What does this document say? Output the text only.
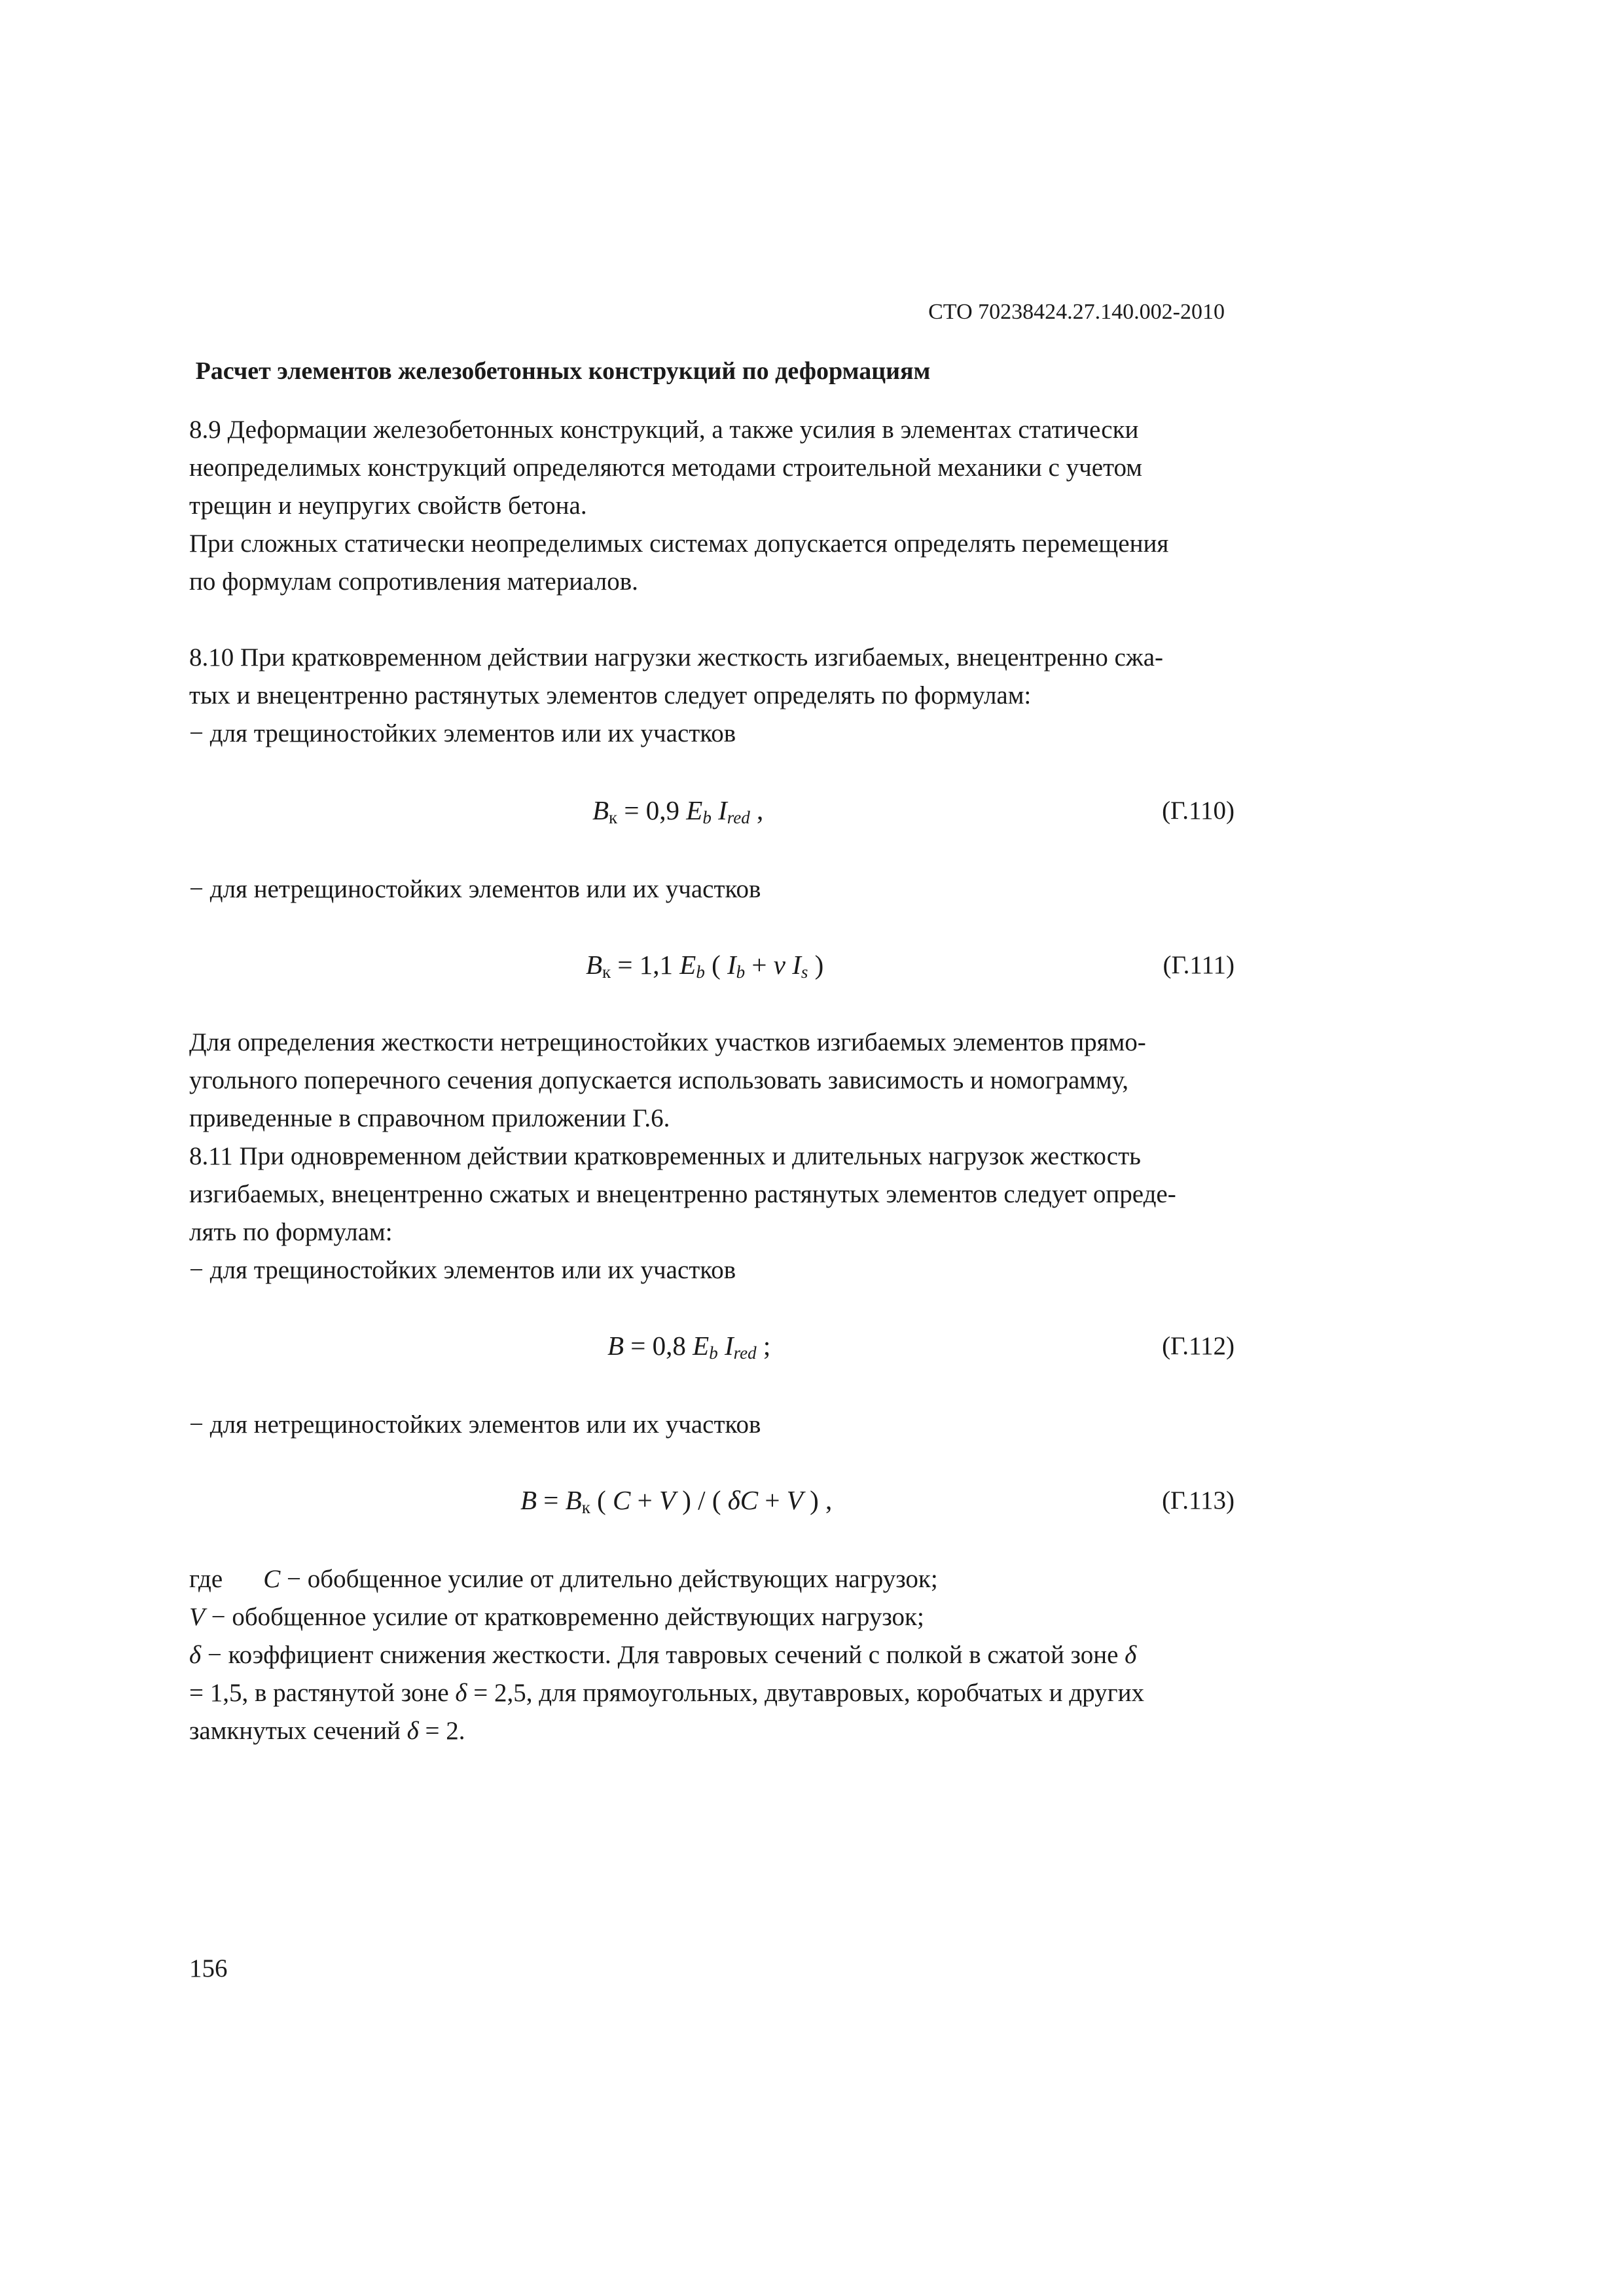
СТО 70238424.27.140.002-2010
Расчет элементов железобетонных конструкций по деформациям
8.9 Деформации железобетонных конструкций, а также усилия в элементах статически
неопределимых конструкций определяются методами строительной механики с учетом
трещин и неупругих свойств бетона.
При сложных статически неопределимых системах допускается определять перемещения
по формулам сопротивления материалов.
8.10 При кратковременном действии нагрузки жесткость изгибаемых, внецентренно сжа-
тых и внецентренно растянутых элементов следует определять по формулам:
− для трещиностойких элементов или их участков
$B_к = 0,9$ $E_b$ $I_{red}$ ,	(Г.110)
− для нетрещиностойких элементов или их участков
$B_к = 1,1$ $E_b$ ( $I_b + \nu$ $I_s$ )	(Г.111)
Для определения жесткости нетрещиностойких участков изгибаемых элементов прямо-
угольного поперечного сечения допускается использовать зависимость и номограмму,
приведенные в справочном приложении Г.6.
8.11 При одновременном действии кратковременных и длительных нагрузок жесткость
изгибаемых, внецентренно сжатых и внецентренно растянутых элементов следует опреде-
лять по формулам:
− для трещиностойких элементов или их участков
B = 0,8 $E_b$ $I_{red}$ ;	(Г.112)
− для нетрещиностойких элементов или их участков
$B = B_к$ ( C + V ) / ( δC + V ) ,	(Г.113)
где C − обобщенное усилие от длительно действующих нагрузок;
V − обобщенное усилие от кратковременно действующих нагрузок;
δ − коэффициент снижения жесткости. Для тавровых сечений с полкой в сжатой зоне δ
= 1,5, в растянутой зоне δ = 2,5, для прямоугольных, двутавровых, коробчатых и других
замкнутых сечений δ = 2.
156
